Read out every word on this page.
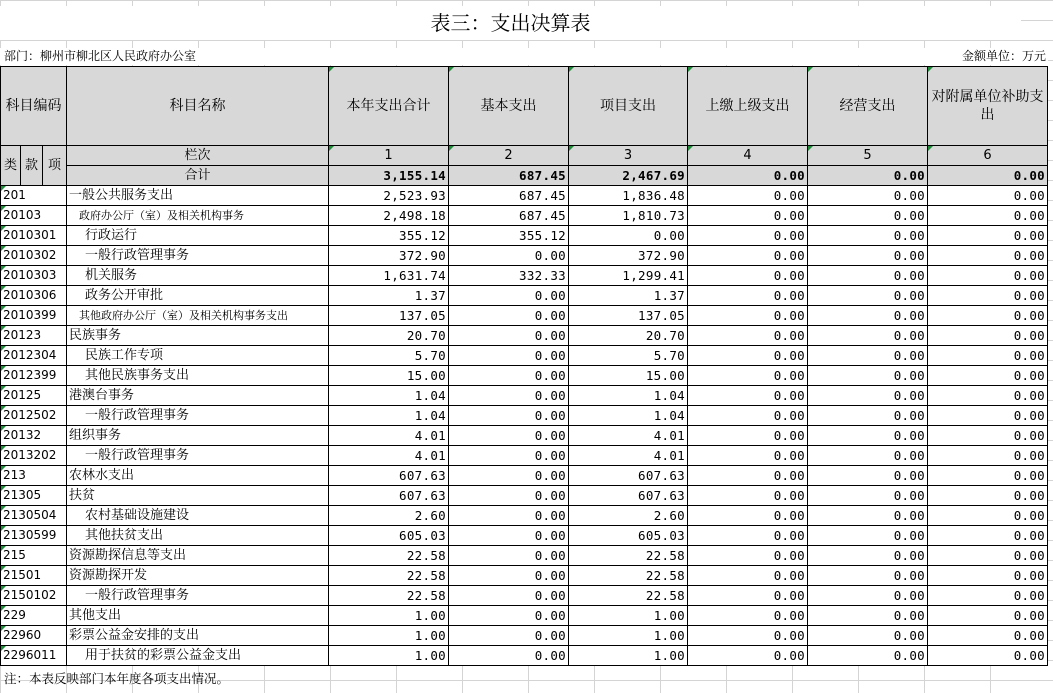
表三：支出决算表
部门：柳州市柳北区人民政府办公室	金额单位：万元
科目编码			科目名称	本年支出合计	基本支出	项目支出	上缴上级支出	经营支出	对附属单位补助支出
类	款	项	栏次	1	2	3	4	5	6
			合计	3,155.14	687.45	2,467.69	0.00	0.00	0.00
201			一般公共服务支出	2,523.93	687.45	1,836.48	0.00	0.00	0.00
20103			政府办公厅（室）及相关机构事务	2,498.18	687.45	1,810.73	0.00	0.00	0.00
2010301			行政运行	355.12	355.12	0.00	0.00	0.00	0.00
2010302			一般行政管理事务	372.90	0.00	372.90	0.00	0.00	0.00
2010303			机关服务	1,631.74	332.33	1,299.41	0.00	0.00	0.00
2010306			政务公开审批	1.37	0.00	1.37	0.00	0.00	0.00
2010399			其他政府办公厅（室）及相关机构事务支出	137.05	0.00	137.05	0.00	0.00	0.00
20123			民族事务	20.70	0.00	20.70	0.00	0.00	0.00
2012304			民族工作专项	5.70	0.00	5.70	0.00	0.00	0.00
2012399			其他民族事务支出	15.00	0.00	15.00	0.00	0.00	0.00
20125			港澳台事务	1.04	0.00	1.04	0.00	0.00	0.00
2012502			一般行政管理事务	1.04	0.00	1.04	0.00	0.00	0.00
20132			组织事务	4.01	0.00	4.01	0.00	0.00	0.00
2013202			一般行政管理事务	4.01	0.00	4.01	0.00	0.00	0.00
213			农林水支出	607.63	0.00	607.63	0.00	0.00	0.00
21305			扶贫	607.63	0.00	607.63	0.00	0.00	0.00
2130504			农村基础设施建设	2.60	0.00	2.60	0.00	0.00	0.00
2130599			其他扶贫支出	605.03	0.00	605.03	0.00	0.00	0.00
215			资源勘探信息等支出	22.58	0.00	22.58	0.00	0.00	0.00
21501			资源勘探开发	22.58	0.00	22.58	0.00	0.00	0.00
2150102			一般行政管理事务	22.58	0.00	22.58	0.00	0.00	0.00
229			其他支出	1.00	0.00	1.00	0.00	0.00	0.00
22960			彩票公益金安排的支出	1.00	0.00	1.00	0.00	0.00	0.00
2296011			用于扶贫的彩票公益金支出	1.00	0.00	1.00	0.00	0.00	0.00
注：本表反映部门本年度各项支出情况。
